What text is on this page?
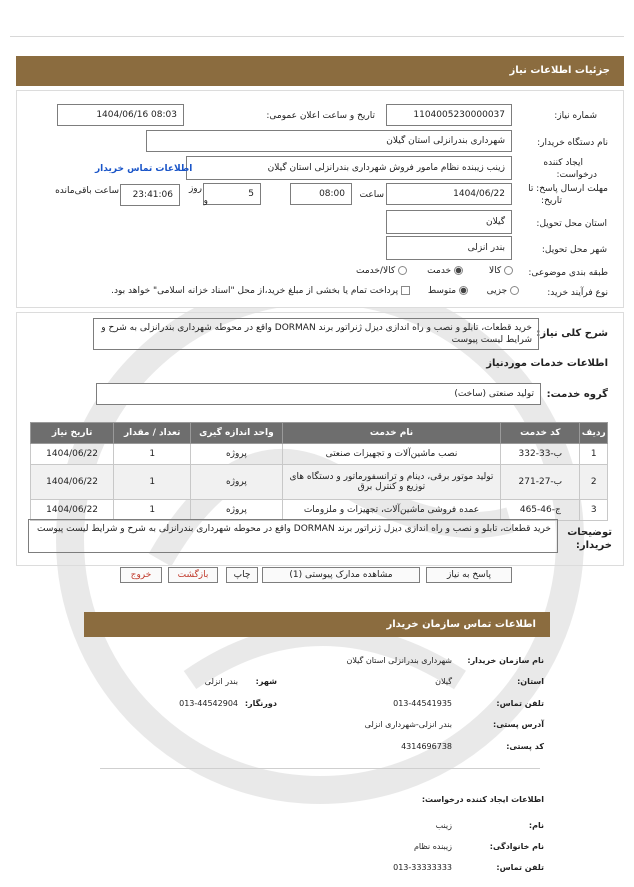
جزئیات اطلاعات نیاز
شماره نیاز:
1104005230000037
تاریخ و ساعت اعلان عمومی:
1404/06/16 08:03
نام دستگاه خریدار:
شهرداری بندرانزلی استان گیلان
ایجاد کننده
درخواست:
زینب زیبنده نظام مامور فروش شهرداری بندرانزلی استان گیلان
اطلاعات تماس خریدار
مهلت ارسال پاسخ: تا
تاریخ:
1404/06/22
ساعت
08:00
5
روز
و
23:41:06
ساعت باقی‌مانده
استان محل تحویل:
گیلان
شهر محل تحویل:
بندر انزلی
طبقه بندی موضوعی:
کالا
خدمت
کالا/خدمت
نوع فرآیند خرید:
جزیی
متوسط
پرداخت تمام یا بخشی از مبلغ خرید،از محل "اسناد خزانه اسلامی" خواهد بود.
شرح کلی نیاز:
خرید قطعات، تابلو و نصب و راه اندازی دیزل ژنراتور برند DORMAN واقع در محوطه شهرداری بندرانزلی به شرح و شرایط لیست پیوست
اطلاعات خدمات موردنیاز
گروه خدمت:
تولید صنعتی (ساخت)
ردیف	کد خدمت	نام خدمت	واحد اندازه گیری	تعداد / مقدار	تاریخ نیاز
1	ب-33-332	نصب ماشین‌آلات و تجهیزات صنعتی	پروژه	1	1404/06/22
2	ب-27-271	تولید موتور برقی، دینام و ترانسفورماتور و دستگاه های توزیع و کنترل برق	پروژه	1	1404/06/22
3	ج-46-465	عمده فروشی ماشین‌آلات، تجهیزات و ملزومات	پروژه	1	1404/06/22
توضیحات خریدار:
خرید قطعات، تابلو و نصب و راه اندازی دیزل ژنراتور برند DORMAN واقع در محوطه شهرداری بندرانزلی به شرح و شرایط لیست پیوست
پاسخ به نیاز
مشاهده مدارک پیوستی (1)
چاپ
بازگشت
خروج
اطلاعات تماس سازمان خریدار
نام سازمان خریدار:
شهرداری بندرانزلی استان گیلان
استان:
گیلان
شهر:
بندر انزلی
تلفن تماس:
013-44541935
دورنگار:
013-44542904
آدرس پستی:
بندر انزلی-شهرداری انزلی
کد پستی:
4314696738
اطلاعات ایجاد کننده درخواست:
نام:
زینب
نام خانوادگی:
زیبنده نظام
تلفن تماس:
013-33333333
